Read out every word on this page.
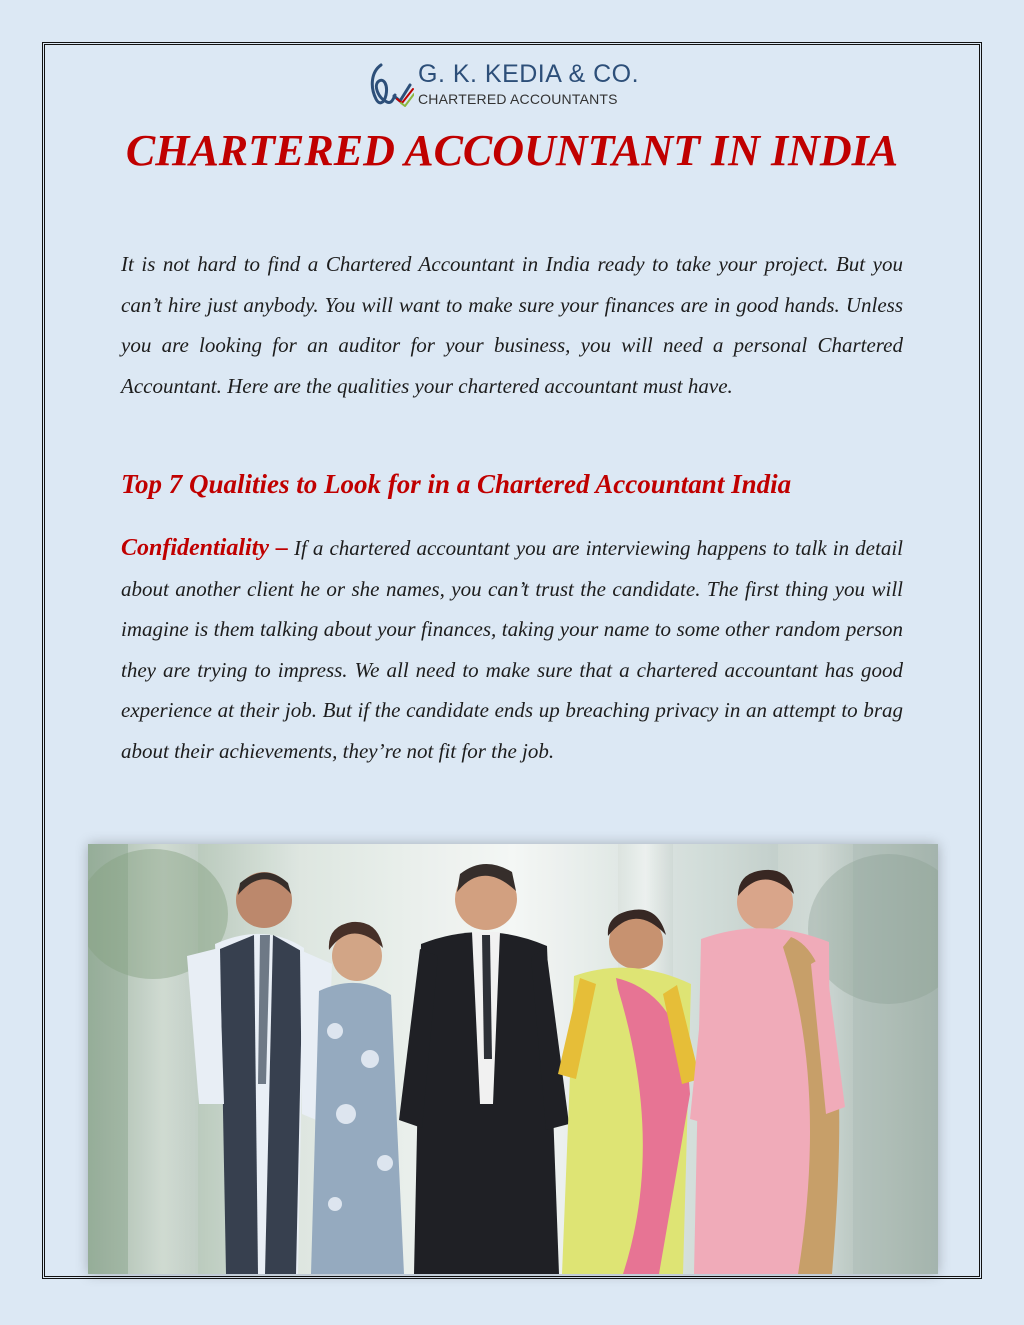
G. K. KEDIA & CO.
CHARTERED ACCOUNTANTS
CHARTERED ACCOUNTANT IN INDIA

It is not hard to find a Chartered Accountant in India ready to take your project. But you can’t hire just anybody. You will want to make sure your finances are in good hands. Unless you are looking for an auditor for your business, you will need a personal Chartered Accountant. Here are the qualities your chartered accountant must have.

Top 7 Qualities to Look for in a Chartered Accountant India

Confidentiality – If a chartered accountant you are interviewing happens to talk in detail about another client he or she names, you can’t trust the candidate. The first thing you will imagine is them talking about your finances, taking your name to some other random person they are trying to impress. We all need to make sure that a chartered accountant has good experience at their job. But if the candidate ends up breaching privacy in an attempt to brag about their achievements, they’re not fit for the job.
